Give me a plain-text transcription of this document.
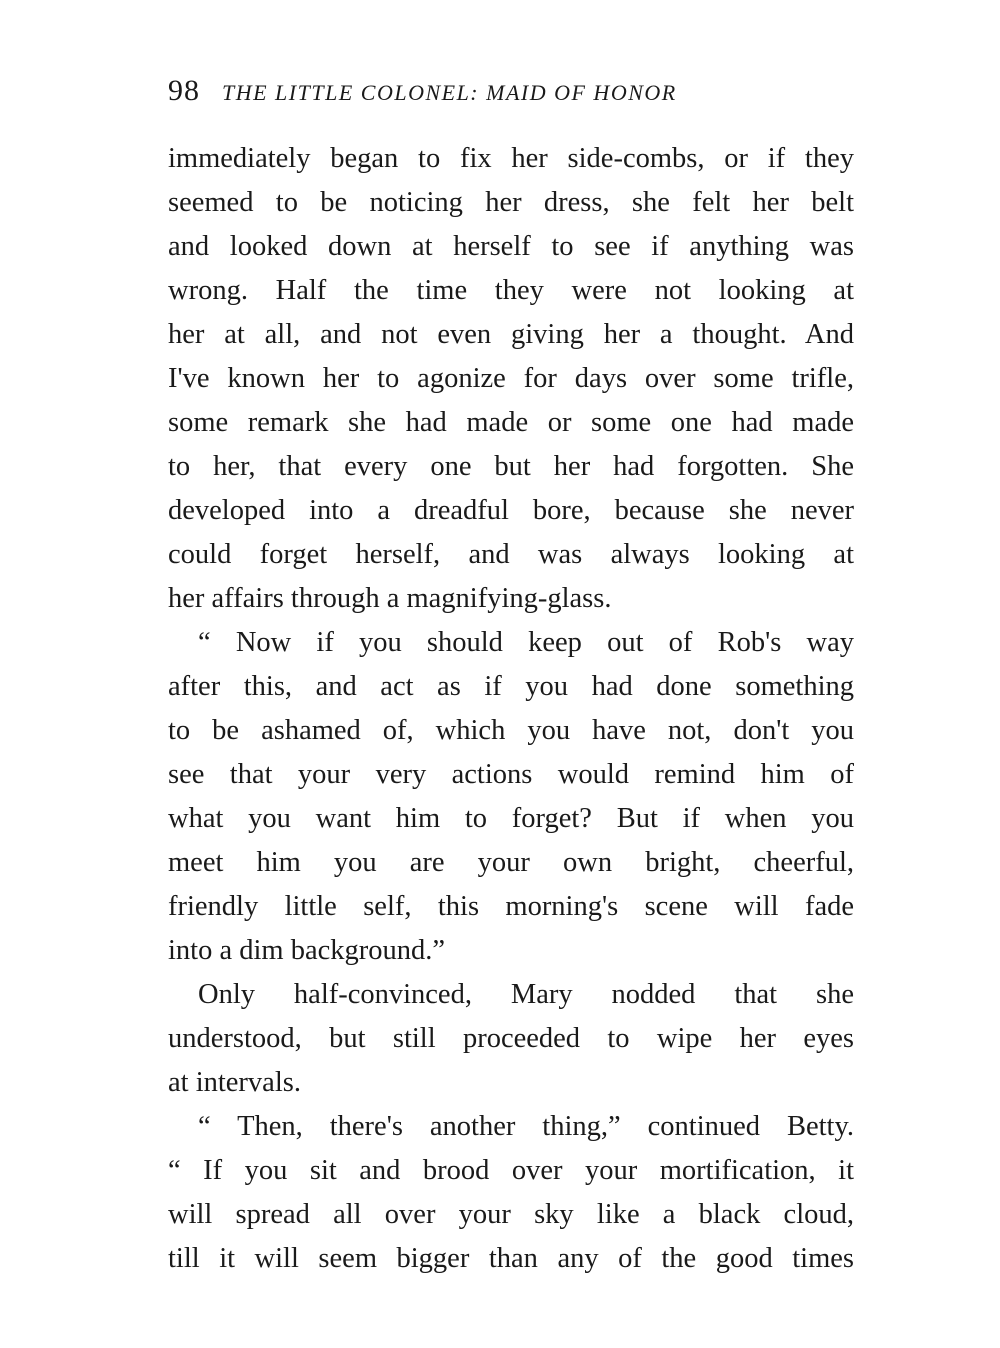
98 THE LITTLE COLONEL: MAID OF HONOR
immediately began to fix her side-combs, or if they
seemed to be noticing her dress, she felt her belt
and looked down at herself to see if anything was
wrong. Half the time they were not looking at
her at all, and not even giving her a thought. And
I've known her to agonize for days over some trifle,
some remark she had made or some one had made
to her, that every one but her had forgotten. She
developed into a dreadful bore, because she never
could forget herself, and was always looking at
her affairs through a magnifying-glass.
“ Now if you should keep out of Rob's way
after this, and act as if you had done something
to be ashamed of, which you have not, don't you
see that your very actions would remind him of
what you want him to forget? But if when you
meet him you are your own bright, cheerful,
friendly little self, this morning's scene will fade
into a dim background.”
Only half-convinced, Mary nodded that she
understood, but still proceeded to wipe her eyes
at intervals.
“ Then, there's another thing,” continued Betty.
“ If you sit and brood over your mortification, it
will spread all over your sky like a black cloud,
till it will seem bigger than any of the good times
